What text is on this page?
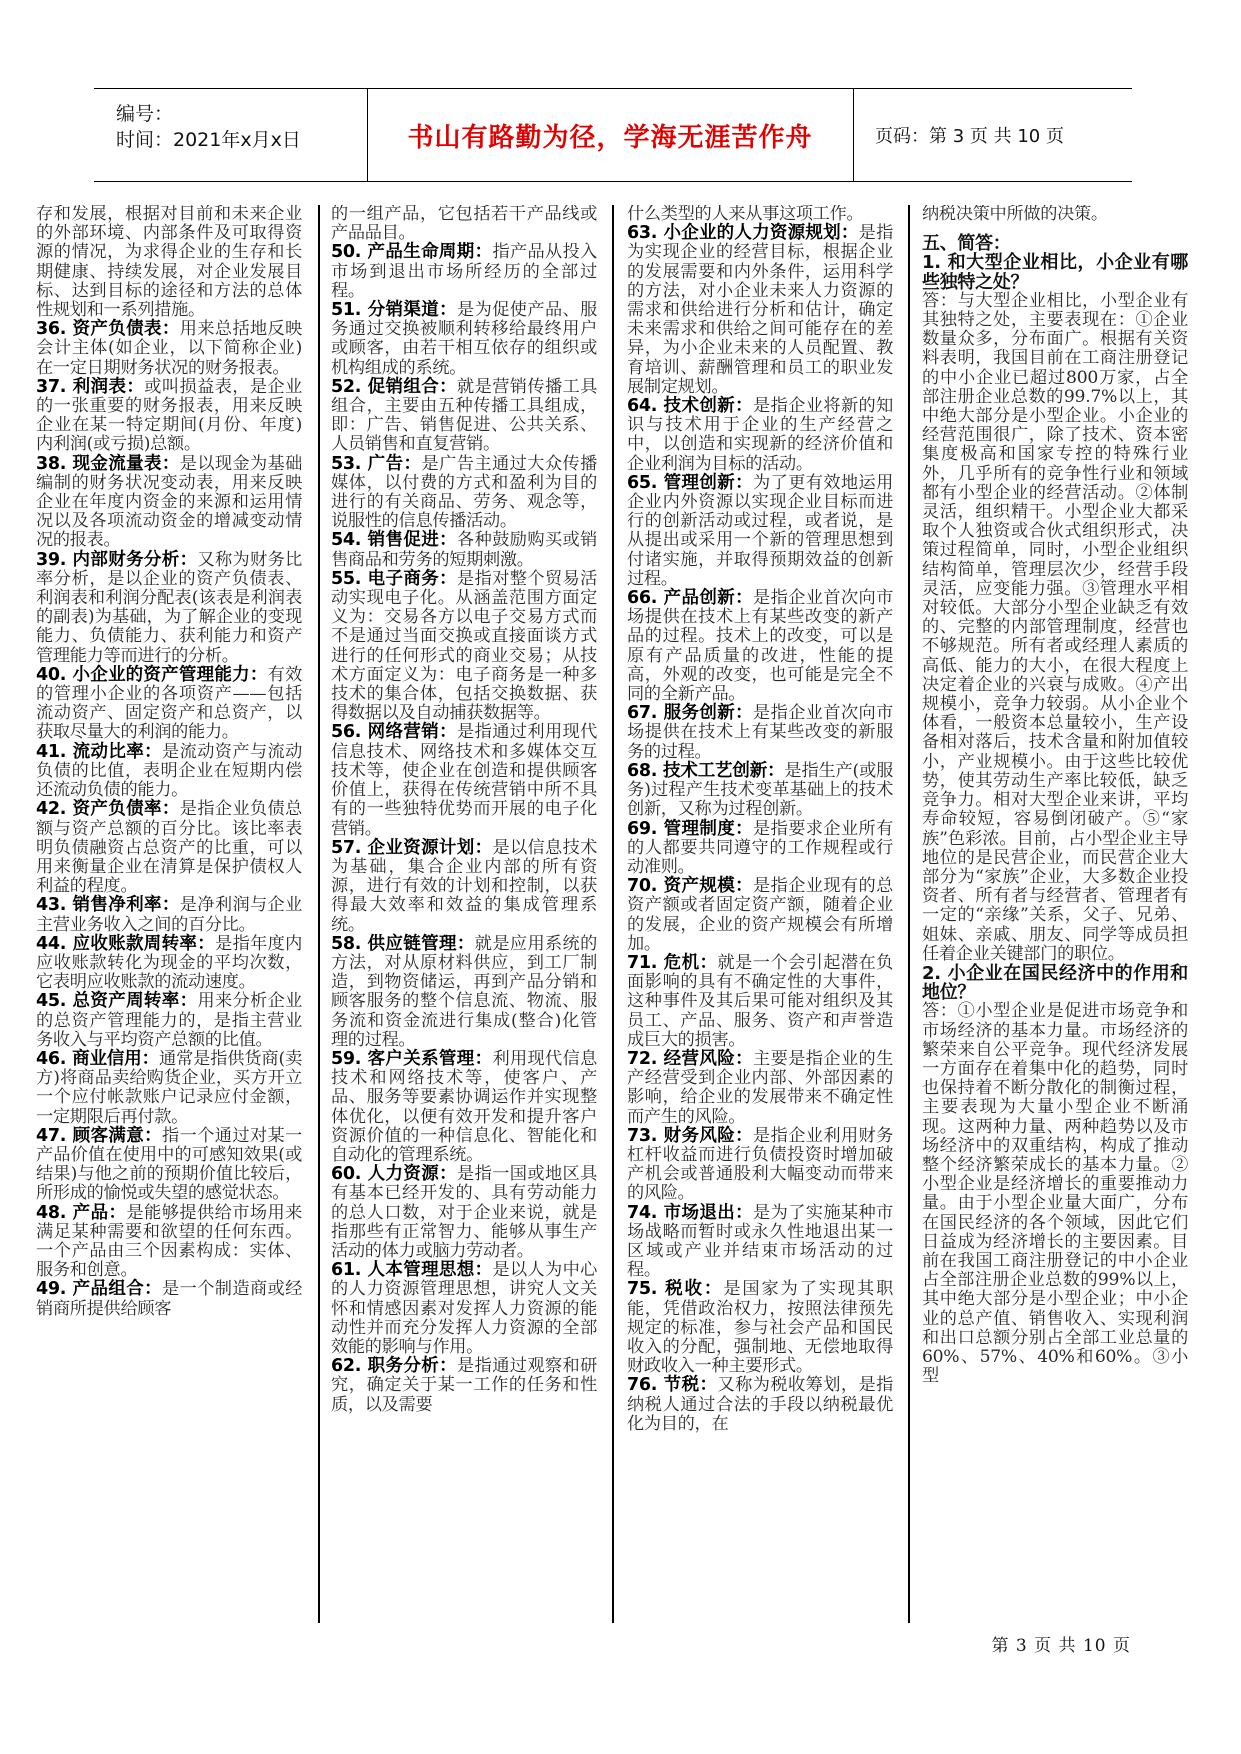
编号：
时间：2021年x月x日	书山有路勤为径，学海无涯苦作舟	页码：第 3 页 共 10 页

存和发展，根据对目前和未来企业的外部环境、内部条件及可取得资源的情况，为求得企业的生存和长期健康、持续发展，对企业发展目标、达到目标的途径和方法的总体性规划和一系列措施。

36. 资产负债表：用来总括地反映会计主体(如企业，以下简称企业)在一定日期财务状况的财务报表。

37. 利润表：或叫损益表，是企业的一张重要的财务报表，用来反映企业在某一特定期间(月份、年度)内利润(或亏损)总额。

38. 现金流量表：是以现金为基础编制的财务状况变动表，用来反映企业在年度内资金的来源和运用情况以及各项流动资金的增减变动情况的报表。

39. 内部财务分析：又称为财务比率分析，是以企业的资产负债表、利润表和利润分配表(该表是利润表的副表)为基础，为了解企业的变现能力、负债能力、获利能力和资产管理能力等而进行的分析。

40. 小企业的资产管理能力：有效的管理小企业的各项资产——包括流动资产、固定资产和总资产，以获取尽量大的利润的能力。

41. 流动比率：是流动资产与流动负债的比值，表明企业在短期内偿还流动负债的能力。

42. 资产负债率：是指企业负债总额与资产总额的百分比。该比率表明负债融资占总资产的比重，可以用来衡量企业在清算是保护债权人利益的程度。

43. 销售净利率：是净利润与企业主营业务收入之间的百分比。

44. 应收账款周转率：是指年度内应收账款转化为现金的平均次数，它表明应收账款的流动速度。

45. 总资产周转率：用来分析企业的总资产管理能力的，是指主营业务收入与平均资产总额的比值。

46. 商业信用：通常是指供货商(卖方)将商品卖给购货企业，买方开立一个应付帐款账户记录应付金额，一定期限后再付款。

47. 顾客满意：指一个通过对某一产品价值在使用中的可感知效果(或结果)与他之前的预期价值比较后，所形成的愉悦或失望的感觉状态。

48. 产品：是能够提供给市场用来满足某种需要和欲望的任何东西。一个产品由三个因素构成：实体、服务和创意。

49. 产品组合：是一个制造商或经销商所提供给顾客

的一组产品，它包括若干产品线或产品品目。

50. 产品生命周期：指产品从投入市场到退出市场所经历的全部过程。

51. 分销渠道：是为促使产品、服务通过交换被顺利转移给最终用户或顾客，由若干相互依存的组织或机构组成的系统。

52. 促销组合：就是营销传播工具组合，主要由五种传播工具组成，即：广告、销售促进、公共关系、人员销售和直复营销。

53. 广告：是广告主通过大众传播媒体，以付费的方式和盈利为目的进行的有关商品、劳务、观念等，说服性的信息传播活动。

54. 销售促进：各种鼓励购买或销售商品和劳务的短期刺激。

55. 电子商务：是指对整个贸易活动实现电子化。从涵盖范围方面定义为：交易各方以电子交易方式而不是通过当面交换或直接面谈方式进行的任何形式的商业交易；从技术方面定义为：电子商务是一种多技术的集合体，包括交换数据、获得数据以及自动捕获数据等。

56. 网络营销：是指通过利用现代信息技术、网络技术和多媒体交互技术等，使企业在创造和提供顾客价值上，获得在传统营销中所不具有的一些独特优势而开展的电子化营销。

57. 企业资源计划：是以信息技术为基础，集合企业内部的所有资源，进行有效的计划和控制，以获得最大效率和效益的集成管理系统。

58. 供应链管理：就是应用系统的方法，对从原材料供应，到工厂制造，到物资储运，再到产品分销和顾客服务的整个信息流、物流、服务流和资金流进行集成(整合)化管理的过程。

59. 客户关系管理：利用现代信息技术和网络技术等，使客户、产品、服务等要素协调运作并实现整体优化，以便有效开发和提升客户资源价值的一种信息化、智能化和自动化的管理系统。

60. 人力资源：是指一国或地区具有基本已经开发的、具有劳动能力的总人口数，对于企业来说，就是指那些有正常智力、能够从事生产活动的体力或脑力劳动者。

61. 人本管理思想：是以人为中心的人力资源管理思想，讲究人文关怀和情感因素对发挥人力资源的能动性并而充分发挥人力资源的全部效能的影响与作用。

62. 职务分析：是指通过观察和研究，确定关于某一工作的任务和性质，以及需要

什么类型的人来从事这项工作。

63. 小企业的人力资源规划：是指为实现企业的经营目标，根据企业的发展需要和内外条件，运用科学的方法，对小企业未来人力资源的需求和供给进行分析和估计，确定未来需求和供给之间可能存在的差异，为小企业未来的人员配置、教育培训、薪酬管理和员工的职业发展制定规划。

64. 技术创新：是指企业将新的知识与技术用于企业的生产经营之中，以创造和实现新的经济价值和企业利润为目标的活动。

65. 管理创新：为了更有效地运用企业内外资源以实现企业目标而进行的创新活动或过程，或者说，是从提出或采用一个新的管理思想到付诸实施，并取得预期效益的创新过程。

66. 产品创新：是指企业首次向市场提供在技术上有某些改变的新产品的过程。技术上的改变，可以是原有产品质量的改进，性能的提高，外观的改变，也可能是完全不同的全新产品。

67. 服务创新：是指企业首次向市场提供在技术上有某些改变的新服务的过程。

68. 技术工艺创新：是指生产(或服务)过程产生技术变革基础上的技术创新，又称为过程创新。

69. 管理制度：是指要求企业所有的人都要共同遵守的工作规程或行动准则。

70. 资产规模：是指企业现有的总资产额或者固定资产额，随着企业的发展，企业的资产规模会有所增加。

71. 危机：就是一个会引起潜在负面影响的具有不确定性的大事件，这种事件及其后果可能对组织及其员工、产品、服务、资产和声誉造成巨大的损害。

72. 经营风险：主要是指企业的生产经营受到企业内部、外部因素的影响，给企业的发展带来不确定性而产生的风险。

73. 财务风险：是指企业利用财务杠杆收益而进行负债投资时增加破产机会或普通股利大幅变动而带来的风险。

74. 市场退出：是为了实施某种市场战略而暂时或永久性地退出某一区域或产业并结束市场活动的过程。

75. 税收：是国家为了实现其职能，凭借政治权力，按照法律预先规定的标准，参与社会产品和国民收入的分配，强制地、无偿地取得财政收入一种主要形式。

76. 节税：又称为税收筹划，是指纳税人通过合法的手段以纳税最优化为目的，在

纳税决策中所做的决策。

五、简答：
1. 和大型企业相比，小企业有哪些独特之处？

答：与大型企业相比，小型企业有其独特之处，主要表现在：①企业数量众多，分布面广。根据有关资料表明，我国目前在工商注册登记的中小企业已超过800万家，占全部注册企业总数的99.7%以上，其中绝大部分是小型企业。小企业的经营范围很广，除了技术、资本密集度极高和国家专控的特殊行业外，几乎所有的竞争性行业和领域都有小型企业的经营活动。②体制灵活，组织精干。小型企业大都采取个人独资或合伙式组织形式，决策过程简单，同时，小型企业组织结构简单，管理层次少，经营手段灵活，应变能力强。③管理水平相对较低。大部分小型企业缺乏有效的、完整的内部管理制度，经营也不够规范。所有者或经理人素质的高低、能力的大小，在很大程度上决定着企业的兴衰与成败。④产出规模小，竞争力较弱。从小企业个体看，一般资本总量较小，生产设备相对落后，技术含量和附加值较小，产业规模小。由于这些比较优势，使其劳动生产率比较低，缺乏竞争力。相对大型企业来讲，平均寿命较短，容易倒闭破产。⑤“家族”色彩浓。目前，占小型企业主导地位的是民营企业，而民营企业大部分为“家族”企业，大多数企业投资者、所有者与经营者、管理者有一定的“亲缘”关系，父子、兄弟、姐妹、亲戚、朋友、同学等成员担任着企业关键部门的职位。

2. 小企业在国民经济中的作用和地位？

答：①小型企业是促进市场竞争和市场经济的基本力量。市场经济的繁荣来自公平竞争。现代经济发展一方面存在着集中化的趋势，同时也保持着不断分散化的制衡过程，主要表现为大量小型企业不断涌现。这两种力量、两种趋势以及市场经济中的双重结构，构成了推动整个经济繁荣成长的基本力量。②小型企业是经济增长的重要推动力量。由于小型企业量大面广，分布在国民经济的各个领域，因此它们日益成为经济增长的主要因素。目前在我国工商注册登记的中小企业占全部注册企业总数的99%以上，其中绝大部分是小型企业；中小企业的总产值、销售收入、实现利润和出口总额分别占全部工业总量的60%、57%、40%和60%。③小型

第 3 页 共 10 页
